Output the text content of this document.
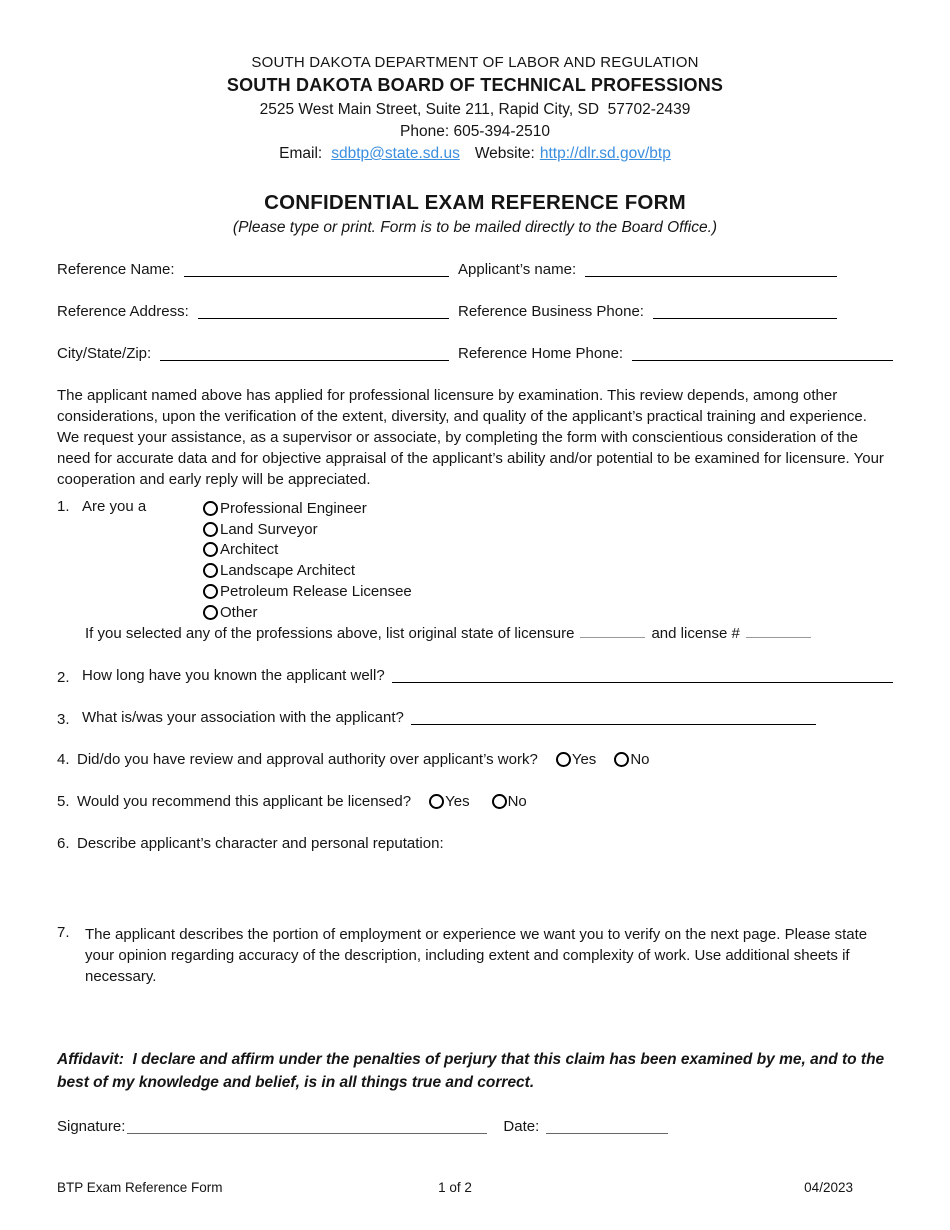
SOUTH DAKOTA DEPARTMENT OF LABOR AND REGULATION
SOUTH DAKOTA BOARD OF TECHNICAL PROFESSIONS
2525 West Main Street, Suite 211, Rapid City, SD  57702-2439
Phone: 605-394-2510
Email: sdbtp@state.sd.us Website: http://dlr.sd.gov/btp
CONFIDENTIAL EXAM REFERENCE FORM
(Please type or print. Form is to be mailed directly to the Board Office.)
Reference Name:	Applicant’s name:
Reference Address:	Reference Business Phone:
City/State/Zip:	Reference Home Phone:
The applicant named above has applied for professional licensure by examination. This review depends, among other considerations, upon the verification of the extent, diversity, and quality of the applicant’s practical training and experience. We request your assistance, as a supervisor or associate, by completing the form with conscientious consideration of the need for accurate data and for objective appraisal of the applicant’s ability and/or potential to be examined for licensure. Your cooperation and early reply will be appreciated.
1. Are you a	Professional Engineer
Land Surveyor
Architect
Landscape Architect
Petroleum Release Licensee
Other
If you selected any of the professions above, list original state of licensure	and license #
2. How long have you known the applicant well?
3. What is/was your association with the applicant?
4. Did/do you have review and approval authority over applicant’s work? Yes No
5. Would you recommend this applicant be licensed? Yes	No
6. Describe applicant’s character and personal reputation:
7.	The applicant describes the portion of employment or experience we want you to verify on the next page. Please state your opinion regarding accuracy of the description, including extent and complexity of work. Use additional sheets if necessary.
Affidavit:  I declare and affirm under the penalties of perjury that this claim has been examined by me, and to the best of my knowledge and belief, is in all things true and correct.
Signature:	Date:
BTP Exam Reference Form	1 of 2	04/2023
